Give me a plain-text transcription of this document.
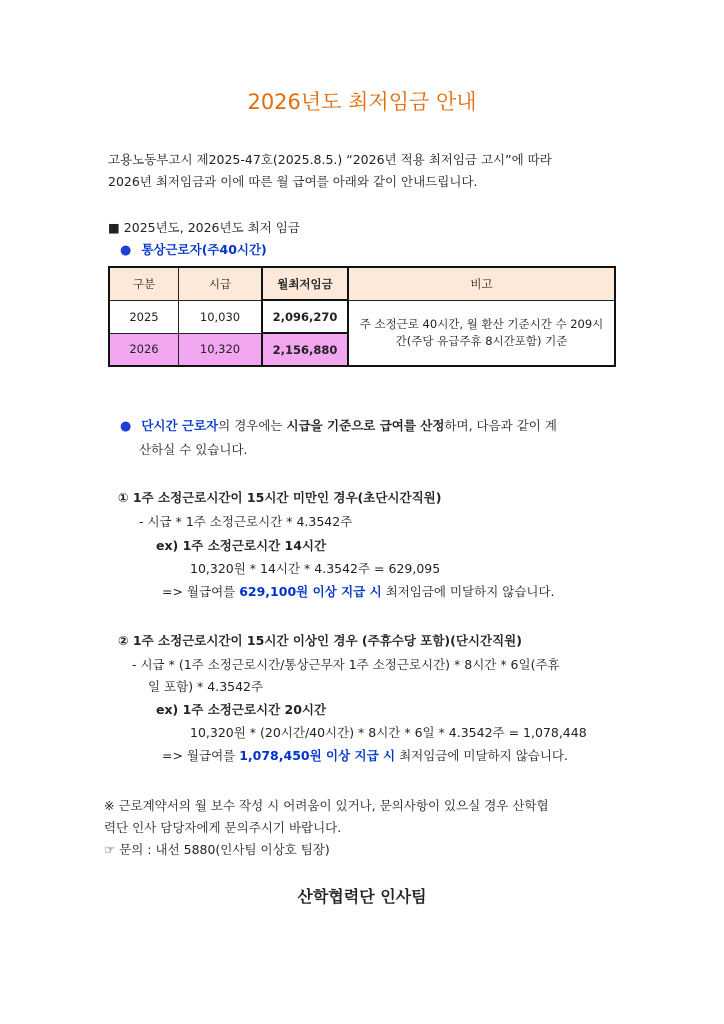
2026년도 최저임금 안내
고용노동부고시 제2025-47호(2025.8.5.) “2026년 적용 최저임금 고시”에 따라
2026년 최저임금과 이에 따른 월 급여를 아래와 같이 안내드립니다.
■ 2025년도, 2026년도 최저 임금
● 통상근로자(주40시간)
구분	시급	월최저임금	비고
2025	10,030	2,096,270	주 소정근로 40시간, 월 환산 기준시간 수 209시간(주당 유급주휴 8시간포함) 기준

2026	10,320	2,156,880	
● 단시간 근로자의 경우에는 시급을 기준으로 급여를 산정하며, 다음과 같이 계
산하실 수 있습니다.
① 1주 소정근로시간이 15시간 미만인 경우(초단시간직원)
- 시급 * 1주 소정근로시간 * 4.3542주
ex) 1주 소정근로시간 14시간
10,320원 * 14시간 * 4.3542주 = 629,095
=> 월급여를 629,100원 이상 지급 시 최저임금에 미달하지 않습니다.
② 1주 소정근로시간이 15시간 이상인 경우 (주휴수당 포함)(단시간직원)
- 시급 * (1주 소정근로시간/통상근무자 1주 소정근로시간) * 8시간 * 6일(주휴
일 포함) * 4.3542주
ex) 1주 소정근로시간 20시간
10,320원 * (20시간/40시간) * 8시간 * 6일 * 4.3542주 = 1,078,448
=> 월급여를 1,078,450원 이상 지급 시 최저임금에 미달하지 않습니다.
※ 근로계약서의 월 보수 작성 시 어려움이 있거나, 문의사항이 있으실 경우 산학협
력단 인사 담당자에게 문의주시기 바랍니다.
☞ 문의 : 내선 5880(인사팀 이상호 팀장)
산학협력단 인사팀
